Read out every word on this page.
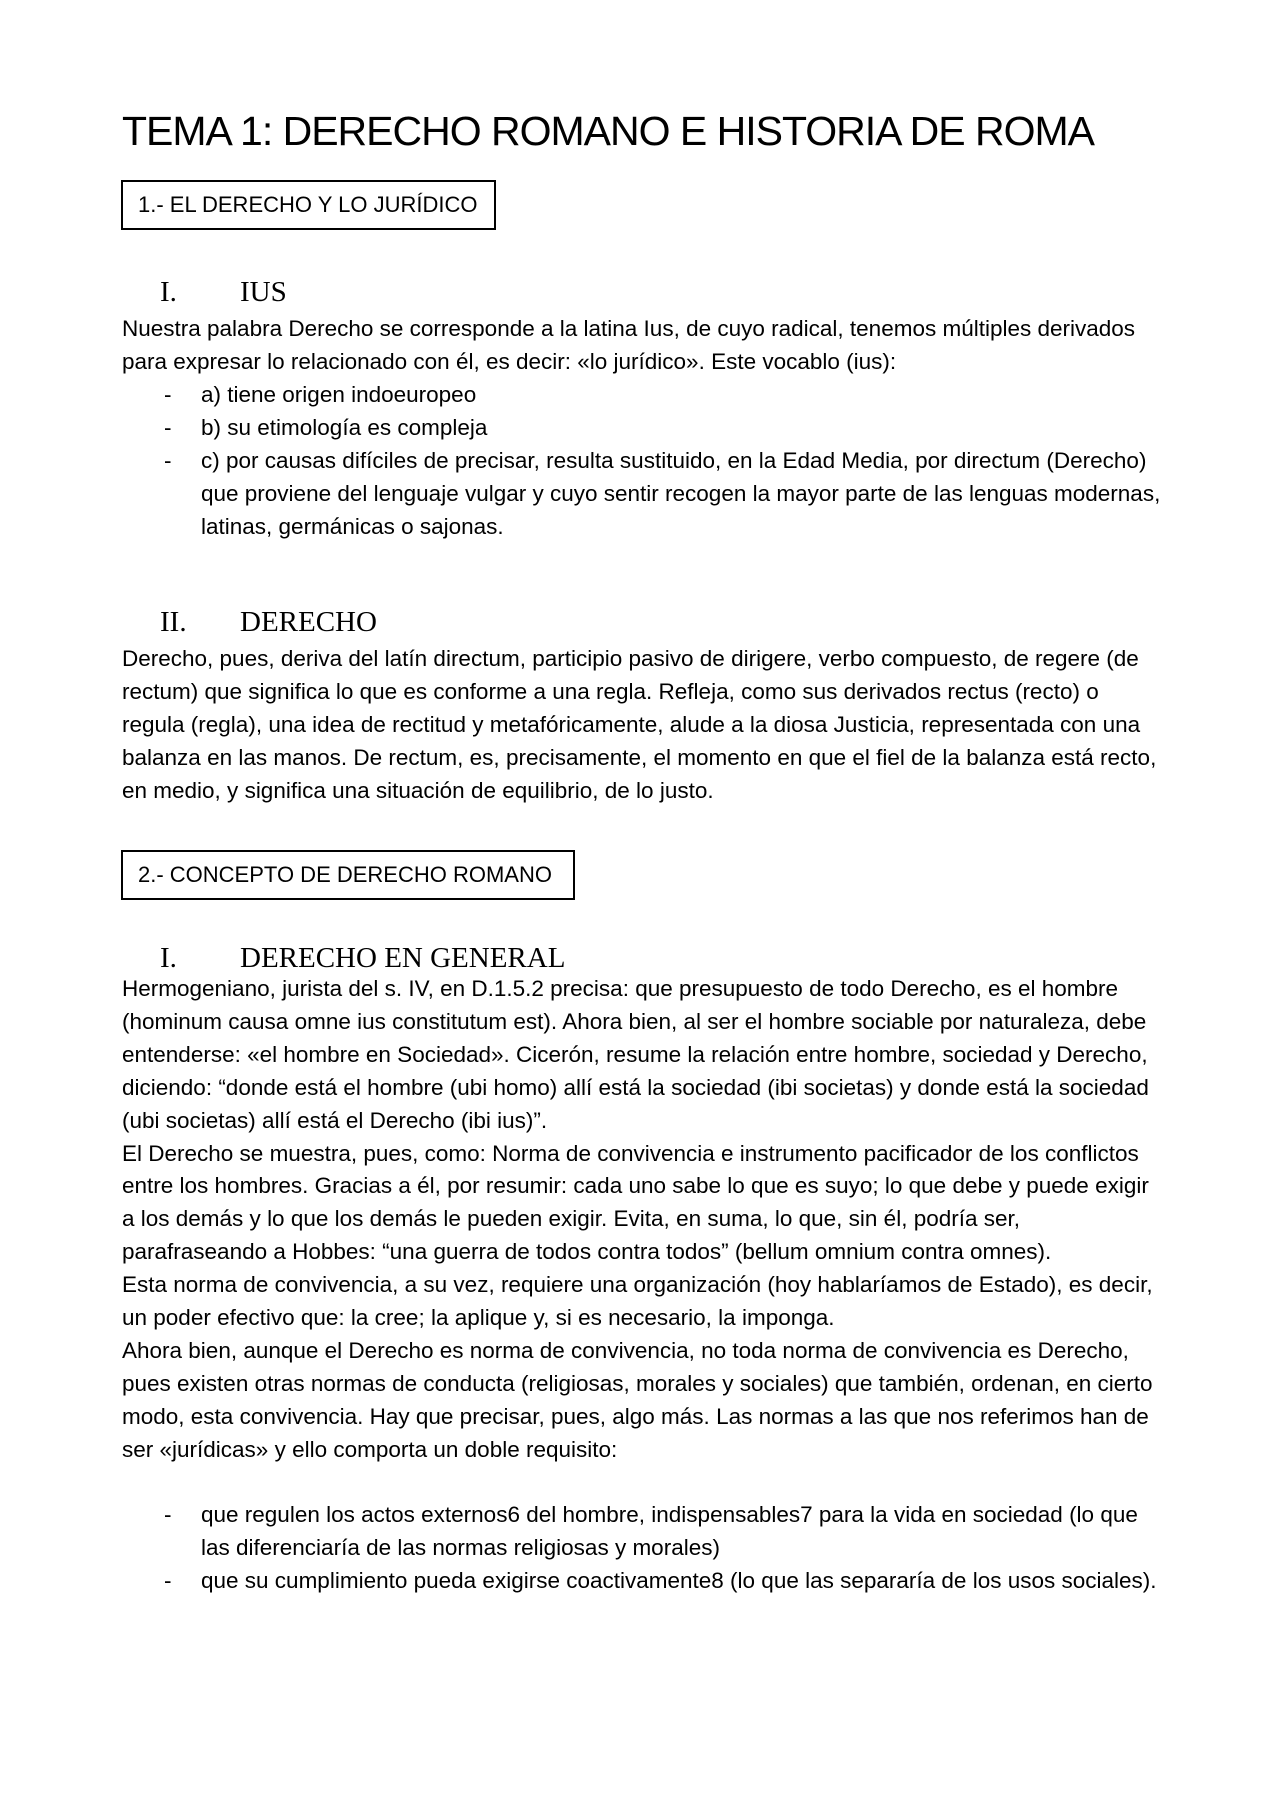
TEMA 1: DERECHO ROMANO E HISTORIA DE ROMA
1.- EL DERECHO Y LO JURÍDICO
I. IUS

Nuestra palabra Derecho se corresponde a la latina Ius, de cuyo radical, tenemos múltiples derivados para expresar lo relacionado con él, es decir: «lo jurídico». Este vocablo (ius):

- a) tiene origen indoeuropeo
- b) su etimología es compleja
- c) por causas difíciles de precisar, resulta sustituido, en la Edad Media, por directum (Derecho) que proviene del lenguaje vulgar y cuyo sentir recogen la mayor parte de las lenguas modernas, latinas, germánicas o sajonas.
II. DERECHO

Derecho, pues, deriva del latín directum, participio pasivo de dirigere, verbo compuesto, de regere (de rectum) que significa lo que es conforme a una regla. Refleja, como sus derivados rectus (recto) o regula (regla), una idea de rectitud y metafóricamente, alude a la diosa Justicia, representada con una balanza en las manos. De rectum, es, precisamente, el momento en que el fiel de la balanza está recto, en medio, y significa una situación de equilibrio, de lo justo.

2.- CONCEPTO DE DERECHO ROMANO
I. DERECHO EN GENERAL

Hermogeniano, jurista del s. IV, en D.1.5.2 precisa: que presupuesto de todo Derecho, es el hombre (hominum causa omne ius constitutum est). Ahora bien, al ser el hombre sociable por naturaleza, debe entenderse: «el hombre en Sociedad». Cicerón, resume la relación entre hombre, sociedad y Derecho, diciendo: “donde está el hombre (ubi homo) allí está la sociedad (ibi societas) y donde está la sociedad (ubi societas) allí está el Derecho (ibi ius)”.

El Derecho se muestra, pues, como: Norma de convivencia e instrumento pacificador de los conflictos entre los hombres. Gracias a él, por resumir: cada uno sabe lo que es suyo; lo que debe y puede exigir a los demás y lo que los demás le pueden exigir. Evita, en suma, lo que, sin él, podría ser, parafraseando a Hobbes: “una guerra de todos contra todos” (bellum omnium contra omnes).

Esta norma de convivencia, a su vez, requiere una organización (hoy hablaríamos de Estado), es decir, un poder efectivo que: la cree; la aplique y, si es necesario, la imponga.

Ahora bien, aunque el Derecho es norma de convivencia, no toda norma de convivencia es Derecho, pues existen otras normas de conducta (religiosas, morales y sociales) que también, ordenan, en cierto modo, esta convivencia. Hay que precisar, pues, algo más. Las normas a las que nos referimos han de ser «jurídicas» y ello comporta un doble requisito:

- que regulen los actos externos6 del hombre, indispensables7 para la vida en sociedad (lo que las diferenciaría de las normas religiosas y morales)
- que su cumplimiento pueda exigirse coactivamente8 (lo que las separaría de los usos sociales).
